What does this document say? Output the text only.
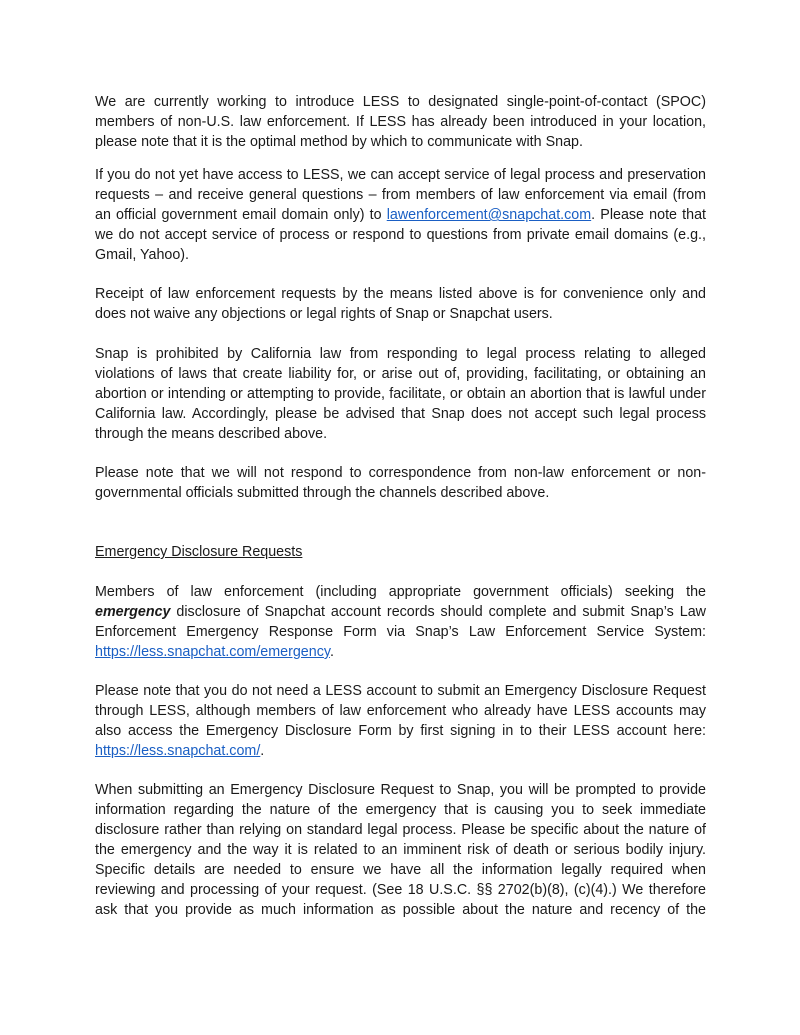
We are currently working to introduce LESS to designated single-point-of-contact (SPOC) members of non-U.S. law enforcement. If LESS has already been introduced in your location, please note that it is the optimal method by which to communicate with Snap.

If you do not yet have access to LESS, we can accept service of legal process and preservation requests – and receive general questions – from members of law enforcement via email (from an official government email domain only) to lawenforcement@snapchat.com. Please note that we do not accept service of process or respond to questions from private email domains (e.g., Gmail, Yahoo).

Receipt of law enforcement requests by the means listed above is for convenience only and does not waive any objections or legal rights of Snap or Snapchat users.

Snap is prohibited by California law from responding to legal process relating to alleged violations of laws that create liability for, or arise out of, providing, facilitating, or obtaining an abortion or intending or attempting to provide, facilitate, or obtain an abortion that is lawful under California law. Accordingly, please be advised that Snap does not accept such legal process through the means described above.

Please note that we will not respond to correspondence from non-law enforcement or non-governmental officials submitted through the channels described above.

Emergency Disclosure Requests

Members of law enforcement (including appropriate government officials) seeking the emergency disclosure of Snapchat account records should complete and submit Snap’s Law Enforcement Emergency Response Form via Snap’s Law Enforcement Service System: https://less.snapchat.com/emergency.

Please note that you do not need a LESS account to submit an Emergency Disclosure Request through LESS, although members of law enforcement who already have LESS accounts may also access the Emergency Disclosure Form by first signing in to their LESS account here: https://less.snapchat.com/.

When submitting an Emergency Disclosure Request to Snap, you will be prompted to provide information regarding the nature of the emergency that is causing you to seek immediate disclosure rather than relying on standard legal process. Please be specific about the nature of the emergency and the way it is related to an imminent risk of death or serious bodily injury. Specific details are needed to ensure we have all the information legally required when reviewing and processing of your request. (See 18 U.S.C. §§ 2702(b)(8), (c)(4).) We therefore ask that you provide as much information as possible about the nature and recency of the
